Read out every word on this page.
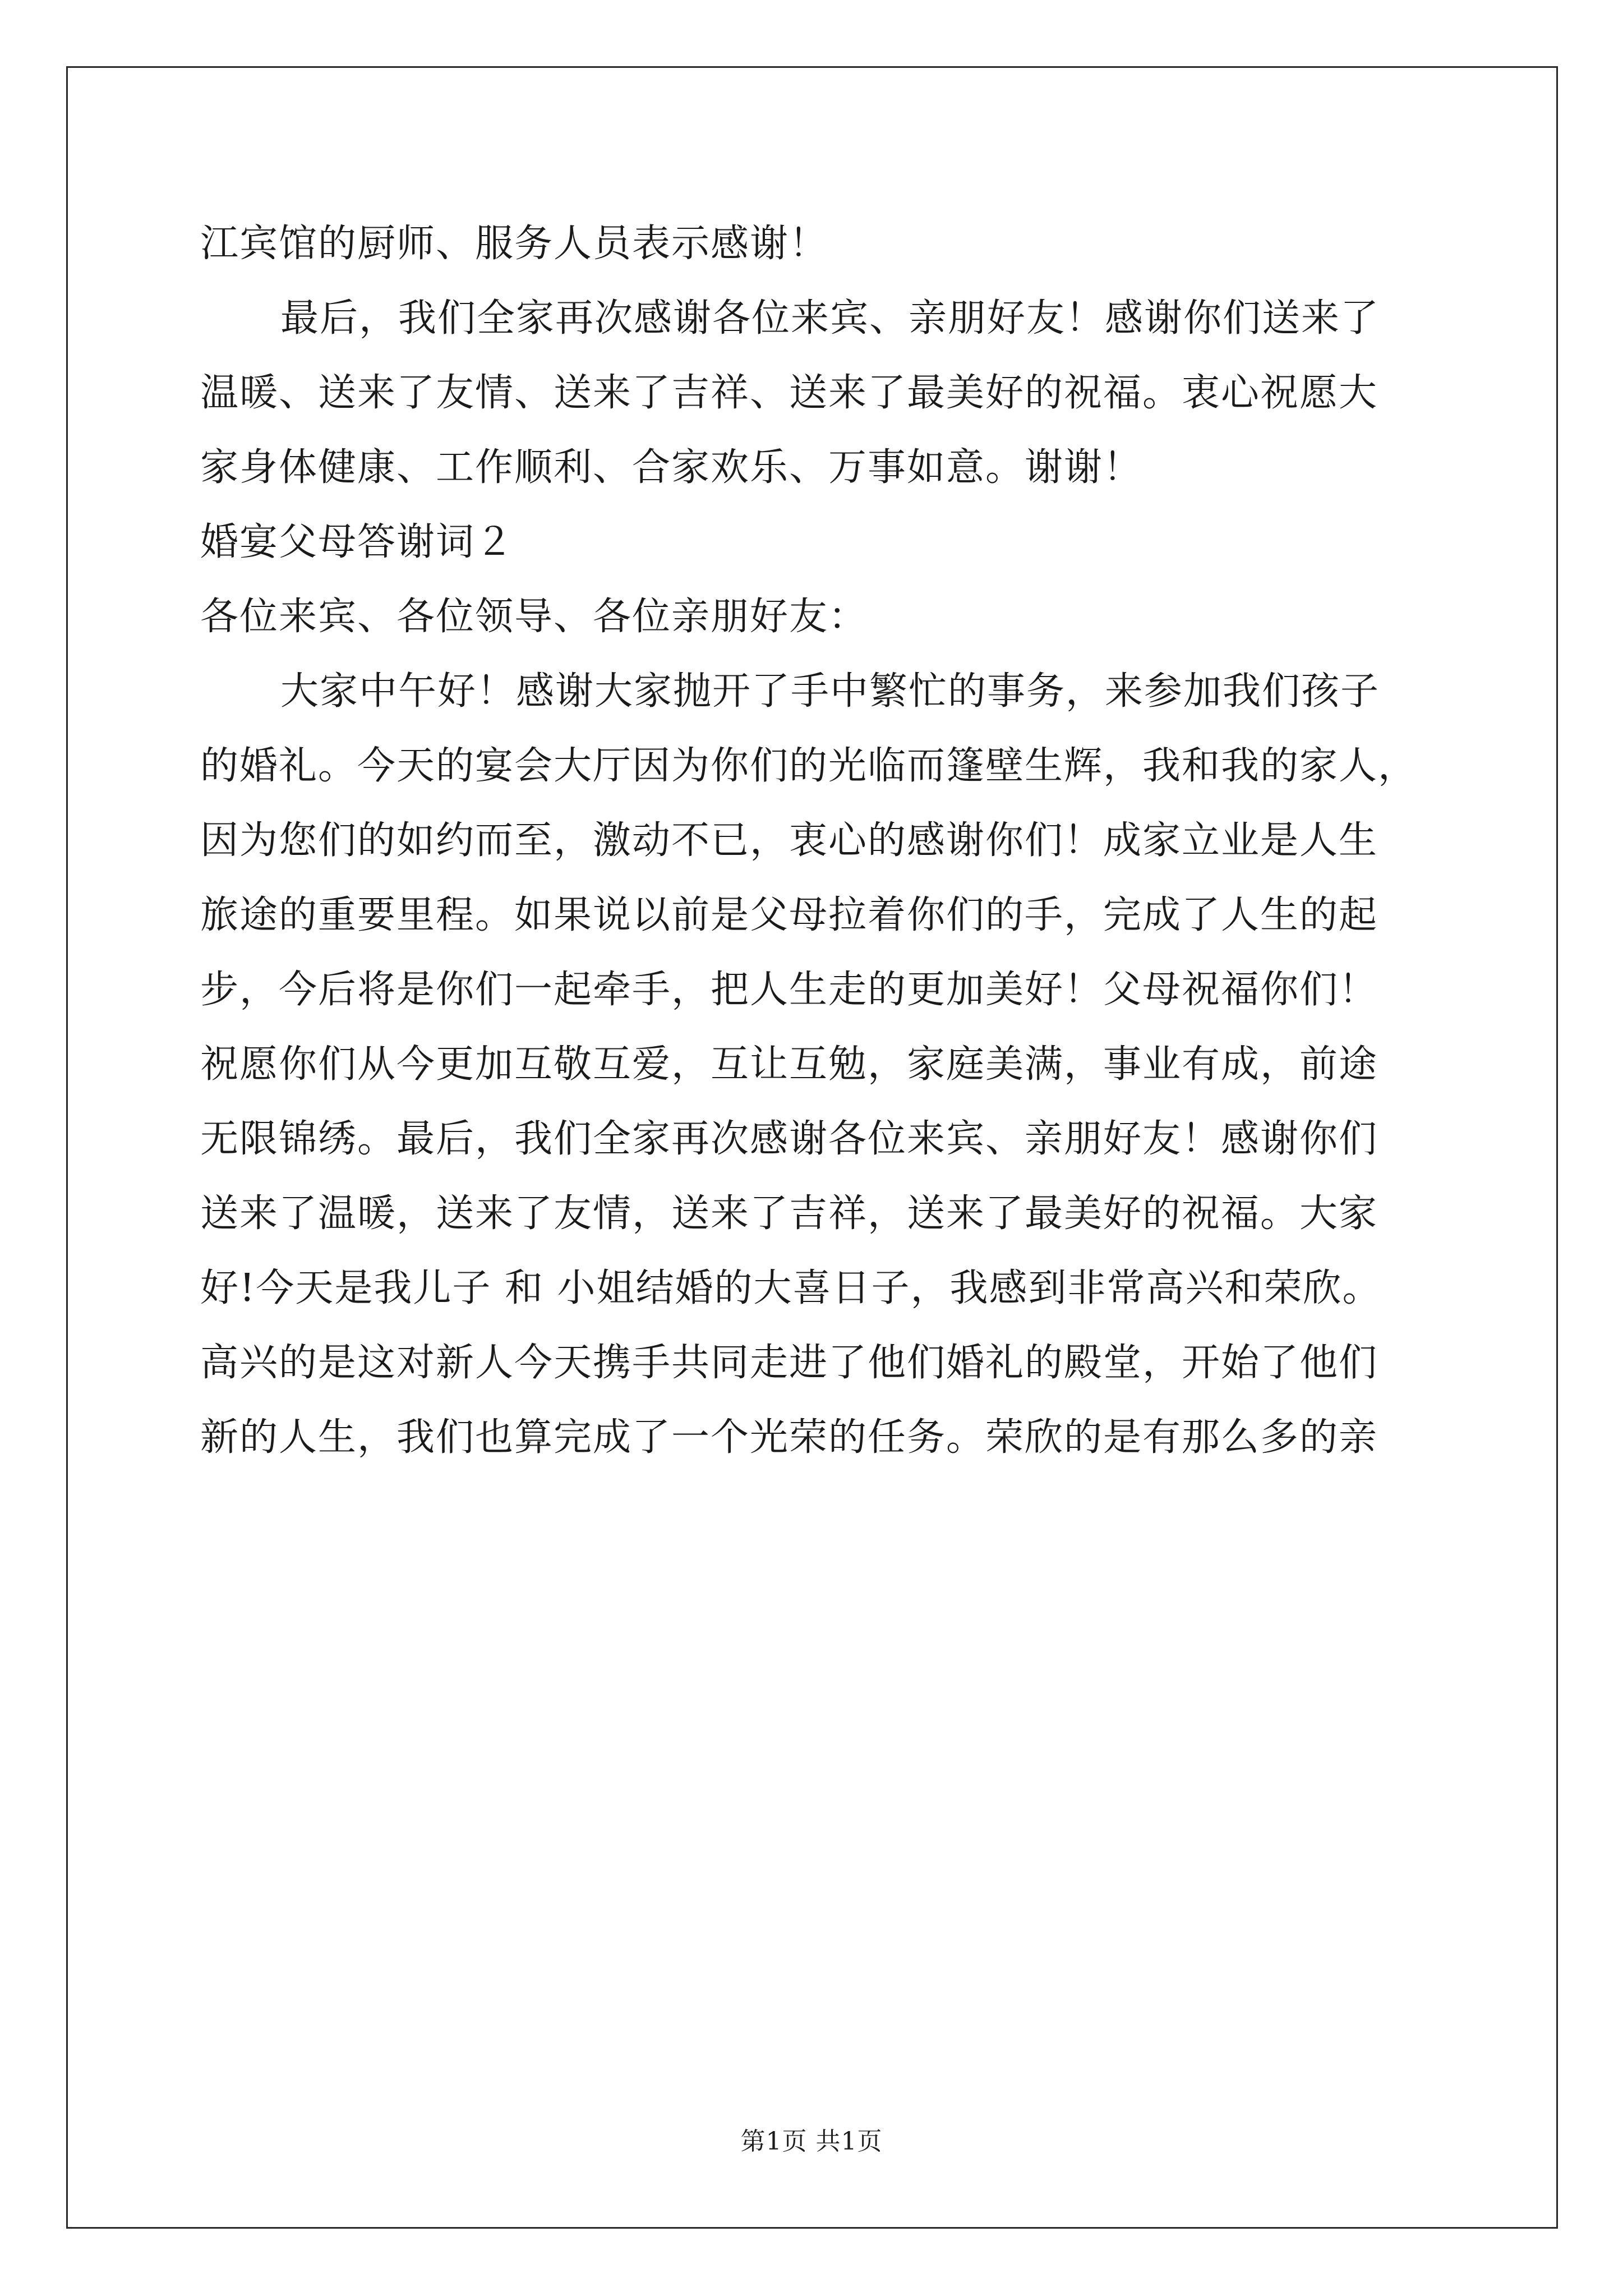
江宾馆的厨师、服务人员表示感谢！
最后，我们全家再次感谢各位来宾、亲朋好友！感谢你们送来了
温暖、送来了友情、送来了吉祥、送来了最美好的祝福。衷心祝愿大
家身体健康、工作顺利、合家欢乐、万事如意。谢谢！
婚宴父母答谢词２
各位来宾、各位领导、各位亲朋好友：
大家中午好！感谢大家抛开了手中繁忙的事务，来参加我们孩子
的婚礼。今天的宴会大厅因为你们的光临而篷壁生辉，我和我的家人，
因为您们的如约而至，激动不已，衷心的感谢你们！成家立业是人生
旅途的重要里程。如果说以前是父母拉着你们的手，完成了人生的起
步，今后将是你们一起牵手，把人生走的更加美好！父母祝福你们！
祝愿你们从今更加互敬互爱，互让互勉，家庭美满，事业有成，前途
无限锦绣。最后，我们全家再次感谢各位来宾、亲朋好友！感谢你们
送来了温暖，送来了友情，送来了吉祥，送来了最美好的祝福。大家
好!今天是我儿子 和 小姐结婚的大喜日子，我感到非常高兴和荣欣。
高兴的是这对新人今天携手共同走进了他们婚礼的殿堂，开始了他们
新的人生，我们也算完成了一个光荣的任务。荣欣的是有那么多的亲
第1页 共1页
